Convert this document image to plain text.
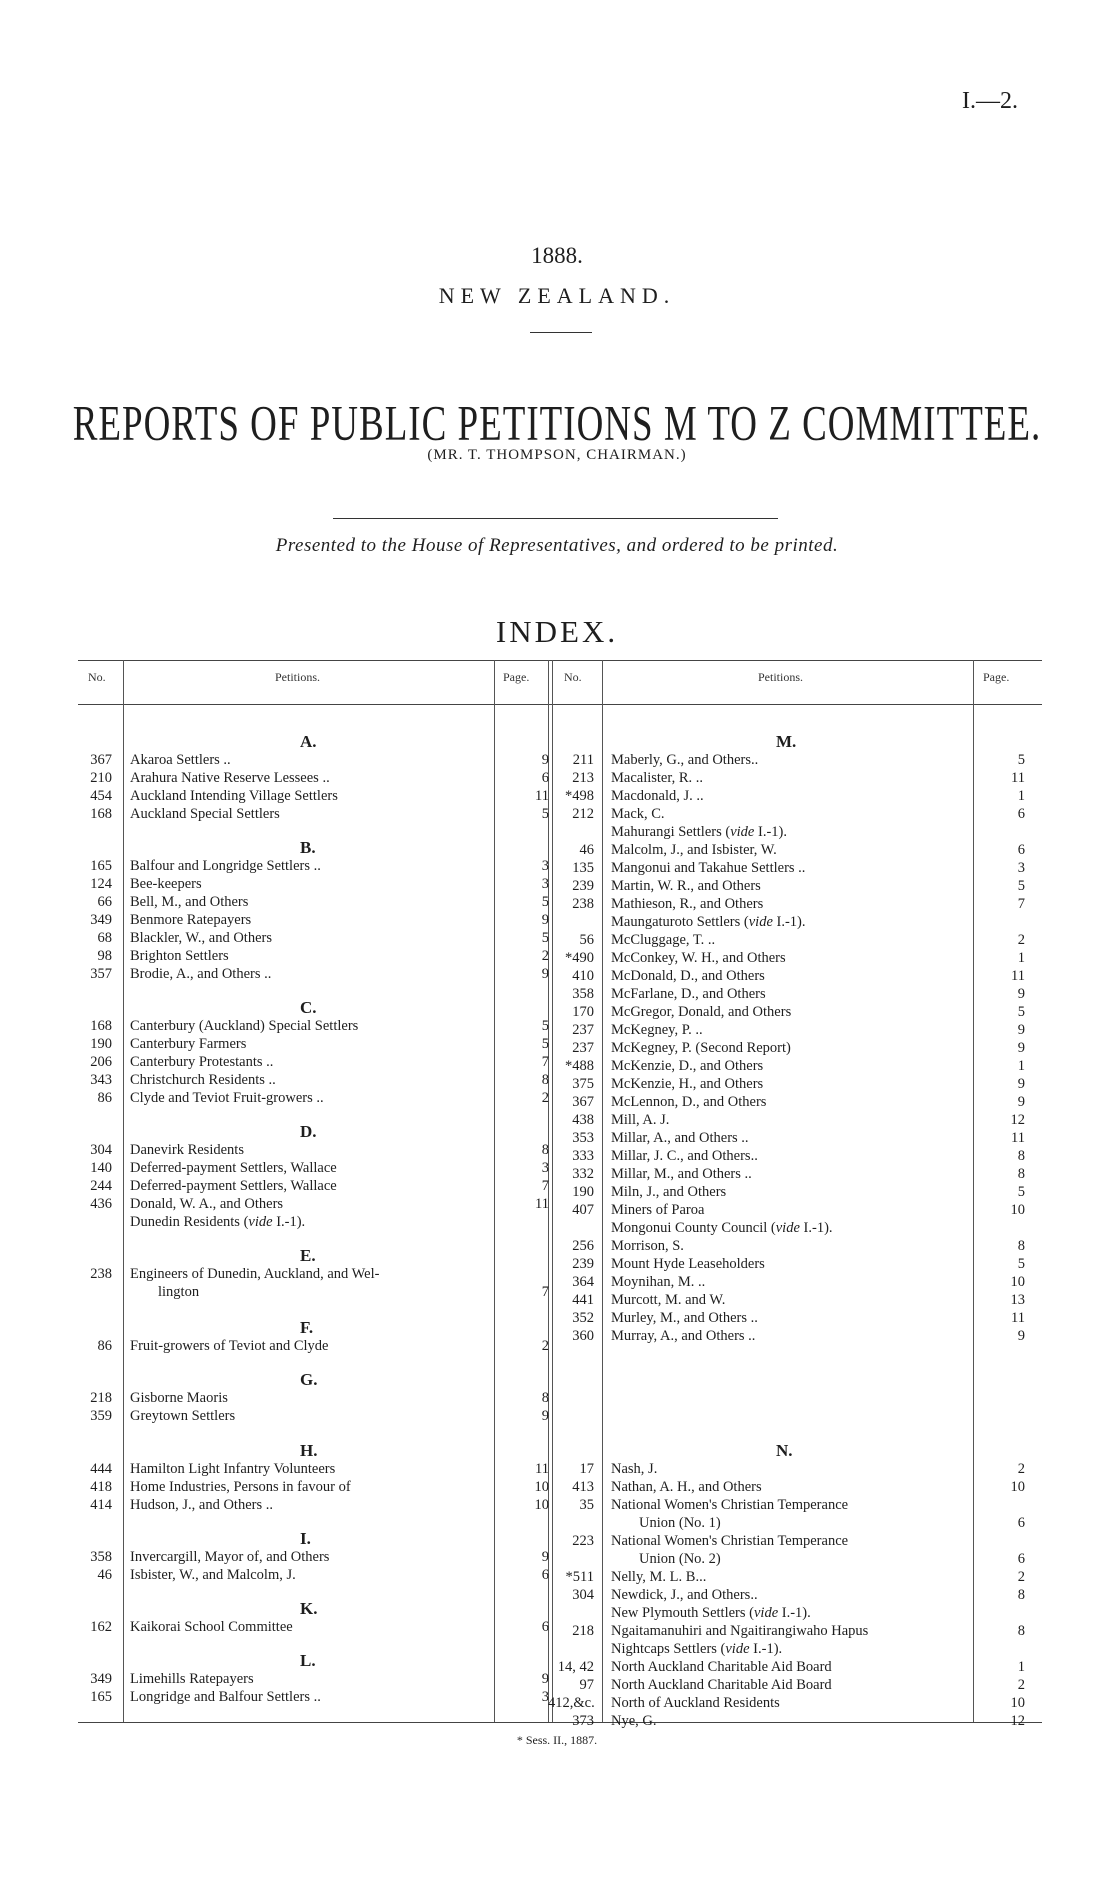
I.—2.
1888.
NEW ZEALAND.
REPORTS OF PUBLIC PETITIONS M TO Z COMMITTEE.
(MR. T. THOMPSON, CHAIRMAN.)
Presented to the House of Representatives, and ordered to be printed.
INDEX.
No.	Petitions.	Page.	No.	Petitions.	Page.
367 Akaroa Settlers ..	9
210 Arahura Native Reserve Lessees ..	6
454 Auckland Intending Village Settlers	11
168 Auckland Special Settlers	5
165 Balfour and Longridge Settlers ..	3
124 Bee-keepers	3
66 Bell, M., and Others	5
349 Benmore Ratepayers	9
68 Blackler, W., and Others	5
98 Brighton Settlers	2
357 Brodie, A., and Others ..	9
168 Canterbury (Auckland) Special Settlers	5
190 Canterbury Farmers	5
206 Canterbury Protestants ..	7
343 Christchurch Residents ..	8
86 Clyde and Teviot Fruit-growers ..	2
304 Danevirk Residents	8
140 Deferred-payment Settlers, Wallace	3
244 Deferred-payment Settlers, Wallace	7
436 Donald, W. A., and Others	11
Dunedin Residents (vide I.-1).
238 Engineers of Dunedin, Auckland, and Wel-
lington	7
86 Fruit-growers of Teviot and Clyde	2
218 Gisborne Maoris	8
359 Greytown Settlers	9
444 Hamilton Light Infantry Volunteers	11
418 Home Industries, Persons in favour of	10
414 Hudson, J., and Others ..	10
358 Invercargill, Mayor of, and Others	9
46 Isbister, W., and Malcolm, J.	6
162 Kaikorai School Committee	6
349 Limehills Ratepayers	9
165 Longridge and Balfour Settlers ..	3
A.
B.
C.
D.
E.
F.
G.
H.
I.
K.
L.
211 Maberly, G., and Others..	5
213 Macalister, R. ..	11
*498 Macdonald, J. ..	1
212 Mack, C.	6
Mahurangi Settlers (vide I.-1).
46 Malcolm, J., and Isbister, W.	6
135 Mangonui and Takahue Settlers ..	3
239 Martin, W. R., and Others	5
238 Mathieson, R., and Others	7
Maungaturoto Settlers (vide I.-1).
56 McCluggage, T. ..	2
*490 McConkey, W. H., and Others	1
410 McDonald, D., and Others	11
358 McFarlane, D., and Others	9
170 McGregor, Donald, and Others	5
237 McKegney, P. ..	9
237 McKegney, P. (Second Report)	9
*488 McKenzie, D., and Others	1
375 McKenzie, H., and Others	9
367 McLennon, D., and Others	9
438 Mill, A. J.	12
353 Millar, A., and Others ..	11
333 Millar, J. C., and Others..	8
332 Millar, M., and Others ..	8
190 Miln, J., and Others	5
407 Miners of Paroa	10
Mongonui County Council (vide I.-1).
256 Morrison, S.	8
239 Mount Hyde Leaseholders	5
364 Moynihan, M. ..	10
441 Murcott, M. and W.	13
352 Murley, M., and Others ..	11
360 Murray, A., and Others ..	9
17 Nash, J.	2
413 Nathan, A. H., and Others	10
35 National Women's Christian Temperance
Union (No. 1)	6
223 National Women's Christian Temperance
Union (No. 2)	6
*511 Nelly, M. L. B...	2
304 Newdick, J., and Others..	8
New Plymouth Settlers (vide I.-1).
218 Ngaitamanuhiri and Ngaitirangiwaho Hapus	8
Nightcaps Settlers (vide I.-1).
14, 42 North Auckland Charitable Aid Board	1
97 North Auckland Charitable Aid Board	2
412,&c. North of Auckland Residents	10
373 Nye, G.	12
M.
N.
* Sess. II., 1887.
